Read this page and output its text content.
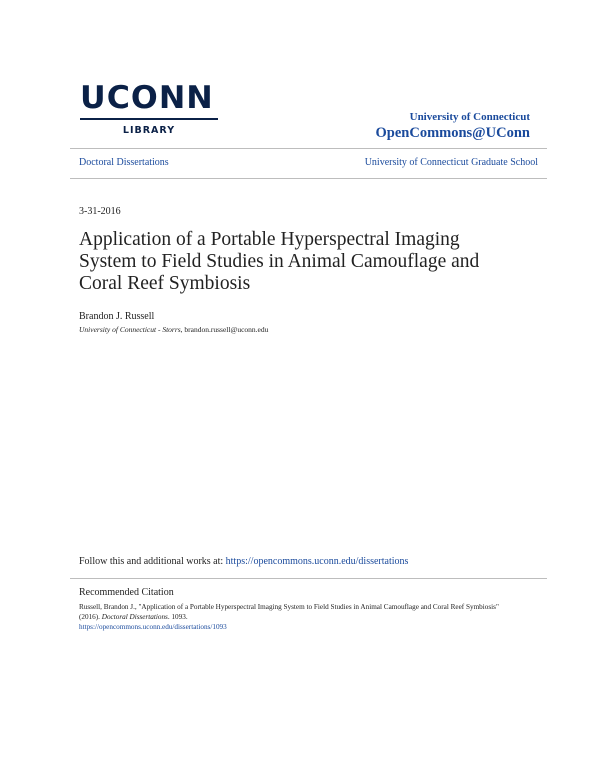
UCONN
LIBRARY
University of Connecticut
OpenCommons@UConn
Doctoral Dissertations	University of Connecticut Graduate School
3-31-2016
Application of a Portable Hyperspectral Imaging System to Field Studies in Animal Camouflage and Coral Reef Symbiosis
Brandon J. Russell
University of Connecticut - Storrs, brandon.russell@uconn.edu
Follow this and additional works at: https://opencommons.uconn.edu/dissertations
Recommended Citation
Russell, Brandon J., "Application of a Portable Hyperspectral Imaging System to Field Studies in Animal Camouflage and Coral Reef Symbiosis" (2016). Doctoral Dissertations. 1093.
https://opencommons.uconn.edu/dissertations/1093
